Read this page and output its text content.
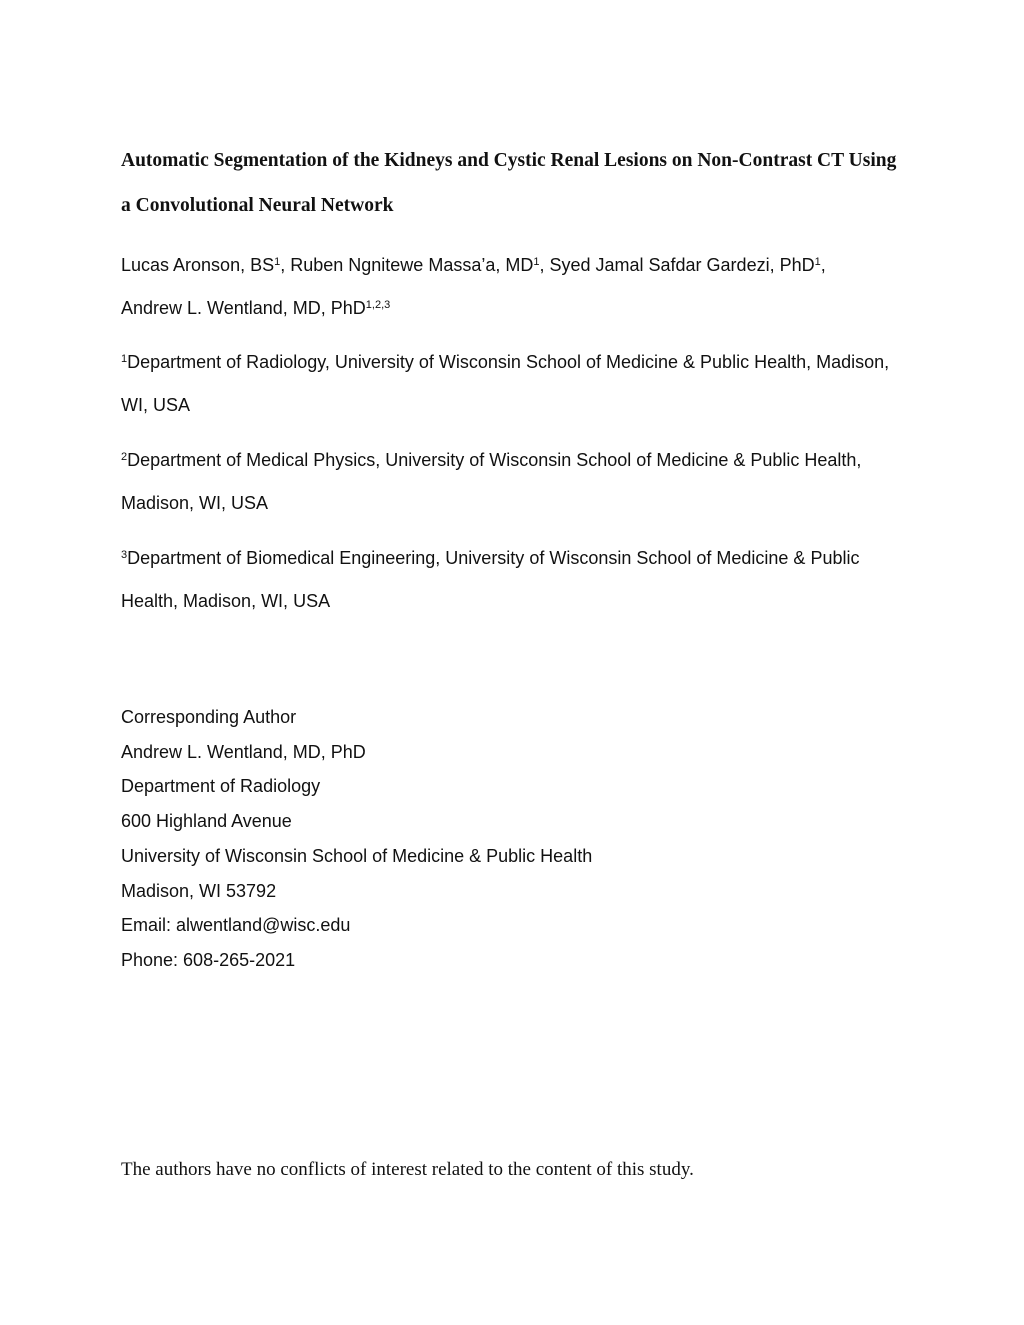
Automatic Segmentation of the Kidneys and Cystic Renal Lesions on Non-Contrast CT Using
a Convolutional Neural Network
Lucas Aronson, $BS^1$, Ruben Ngnitewe Massa’a, $MD^1$, Syed Jamal Safdar Gardezi, PhD$^1$,
Andrew L. Wentland, MD, PhD$^{1,2,3}$
$^1$Department of Radiology, University of Wisconsin School of Medicine & Public Health, Madison,
WI, USA
$^2$Department of Medical Physics, University of Wisconsin School of Medicine & Public Health,
Madison, WI, USA
$^3$Department of Biomedical Engineering, University of Wisconsin School of Medicine & Public
Health, Madison, WI, USA
Corresponding Author
Andrew L. Wentland, MD, PhD
Department of Radiology
600 Highland Avenue
University of Wisconsin School of Medicine & Public Health
Madison, WI 53792
Email: alwentland@wisc.edu
Phone: 608-265-2021
The authors have no conflicts of interest related to the content of this study.
